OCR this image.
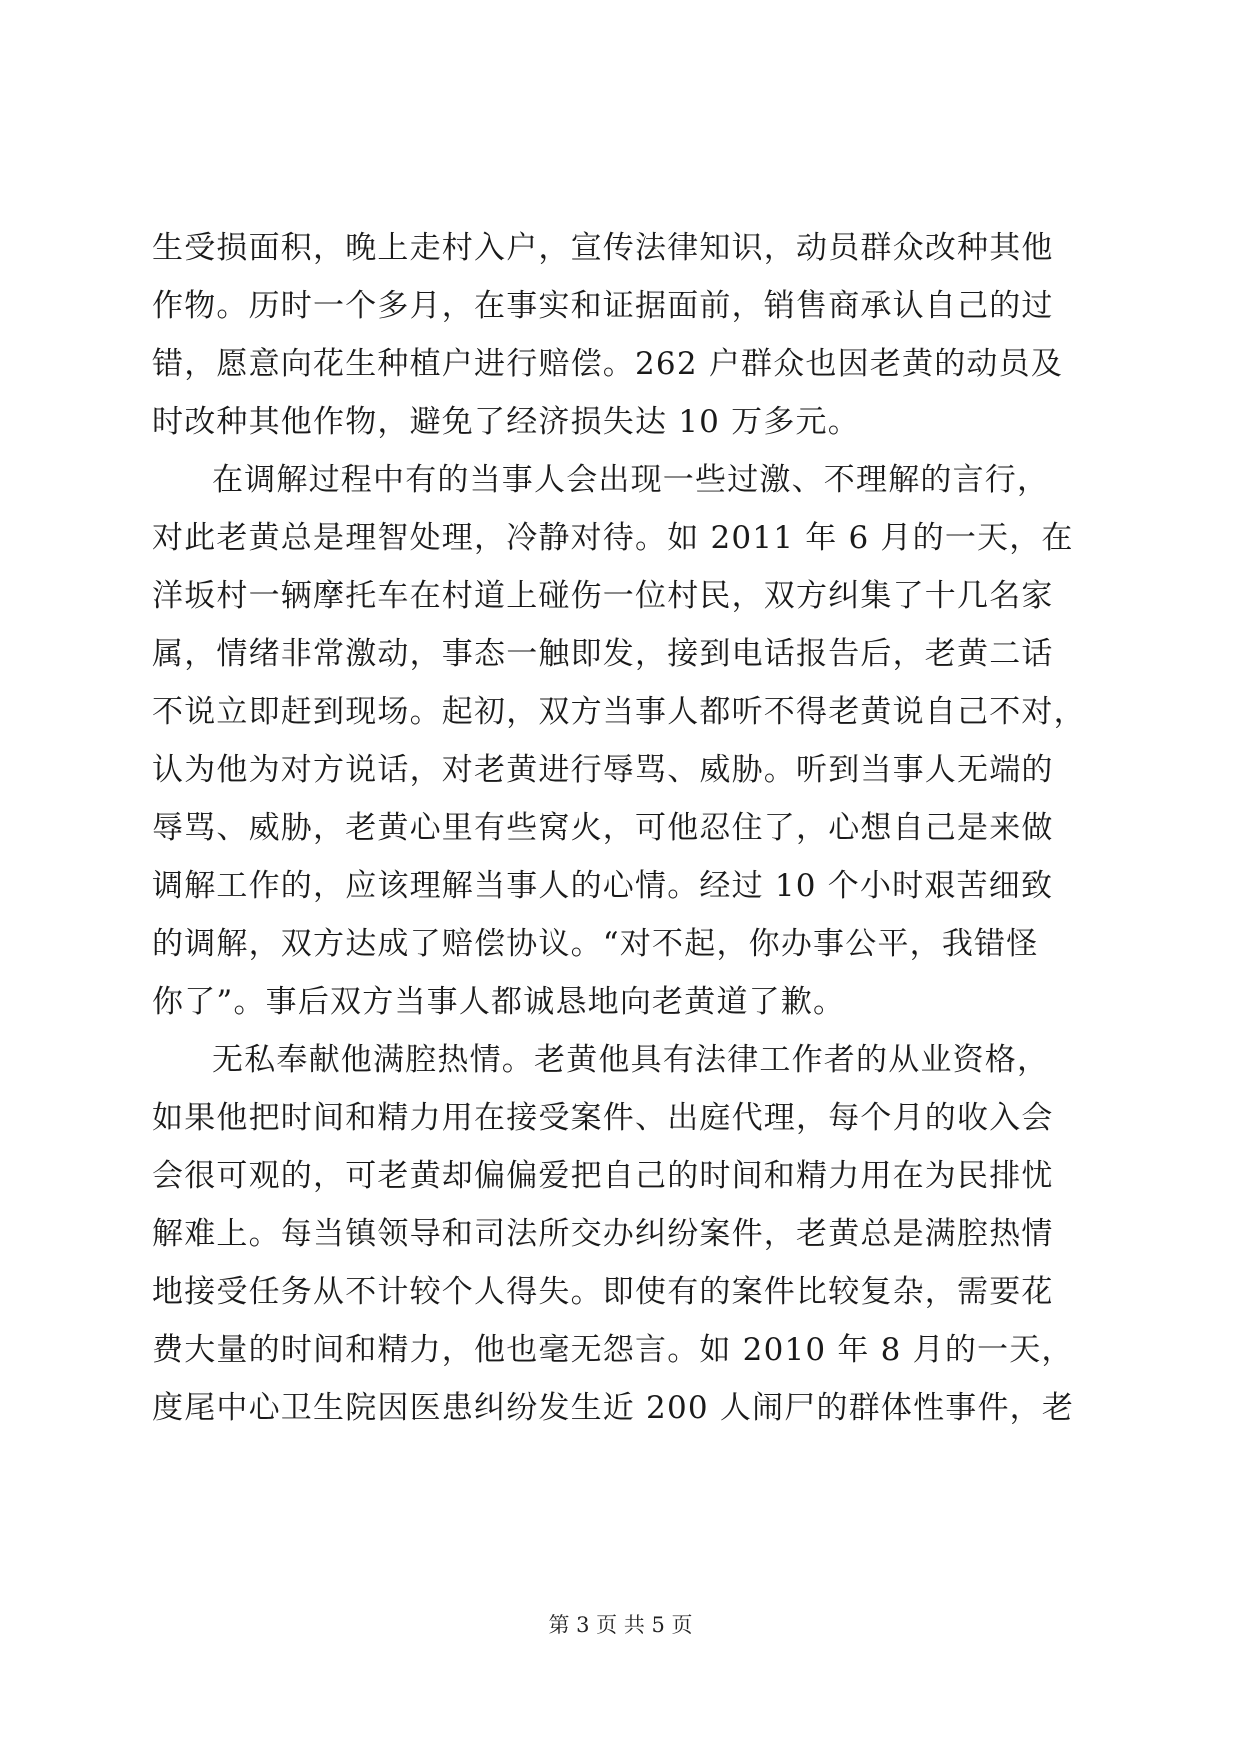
生受损面积，晚上走村入户，宣传法律知识，动员群众改种其他
作物。历时一个多月，在事实和证据面前，销售商承认自己的过
错，愿意向花生种植户进行赔偿。262 户群众也因老黄的动员及
时改种其他作物，避免了经济损失达 10 万多元。
在调解过程中有的当事人会出现一些过激、不理解的言行，
对此老黄总是理智处理，冷静对待。如 2011 年 6 月的一天，在
洋坂村一辆摩托车在村道上碰伤一位村民，双方纠集了十几名家
属，情绪非常激动，事态一触即发，接到电话报告后，老黄二话
不说立即赶到现场。起初，双方当事人都听不得老黄说自己不对，
认为他为对方说话，对老黄进行辱骂、威胁。听到当事人无端的
辱骂、威胁，老黄心里有些窝火，可他忍住了，心想自己是来做
调解工作的，应该理解当事人的心情。经过 10 个小时艰苦细致
的调解，双方达成了赔偿协议。“对不起，你办事公平，我错怪
你了”。事后双方当事人都诚恳地向老黄道了歉。
无私奉献他满腔热情。老黄他具有法律工作者的从业资格，
如果他把时间和精力用在接受案件、出庭代理，每个月的收入会
会很可观的，可老黄却偏偏爱把自己的时间和精力用在为民排忧
解难上。每当镇领导和司法所交办纠纷案件，老黄总是满腔热情
地接受任务从不计较个人得失。即使有的案件比较复杂，需要花
费大量的时间和精力，他也毫无怨言。如 2010 年 8 月的一天，
度尾中心卫生院因医患纠纷发生近 200 人闹尸的群体性事件，老
第 3 页 共 5 页
